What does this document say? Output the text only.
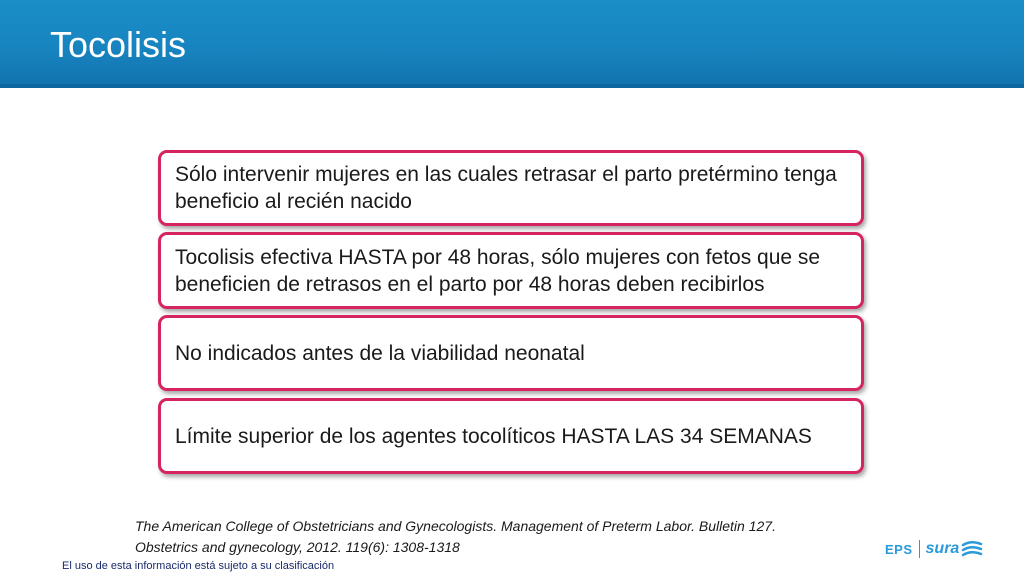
Tocolisis
Sólo intervenir mujeres en las cuales retrasar el parto pretérmino tenga beneficio al recién nacido
Tocolisis efectiva HASTA por 48 horas, sólo mujeres con fetos que se beneficien de retrasos en el parto por 48 horas deben recibirlos
No indicados antes de la viabilidad neonatal
Límite superior de los agentes tocolíticos HASTA LAS 34 SEMANAS
The American College of Obstetricians and Gynecologists. Management of Preterm Labor. Bulletin 127.
Obstetrics and gynecology, 2012. 119(6): 1308-1318
El uso de esta información está sujeto a su clasificación
EPS sura
